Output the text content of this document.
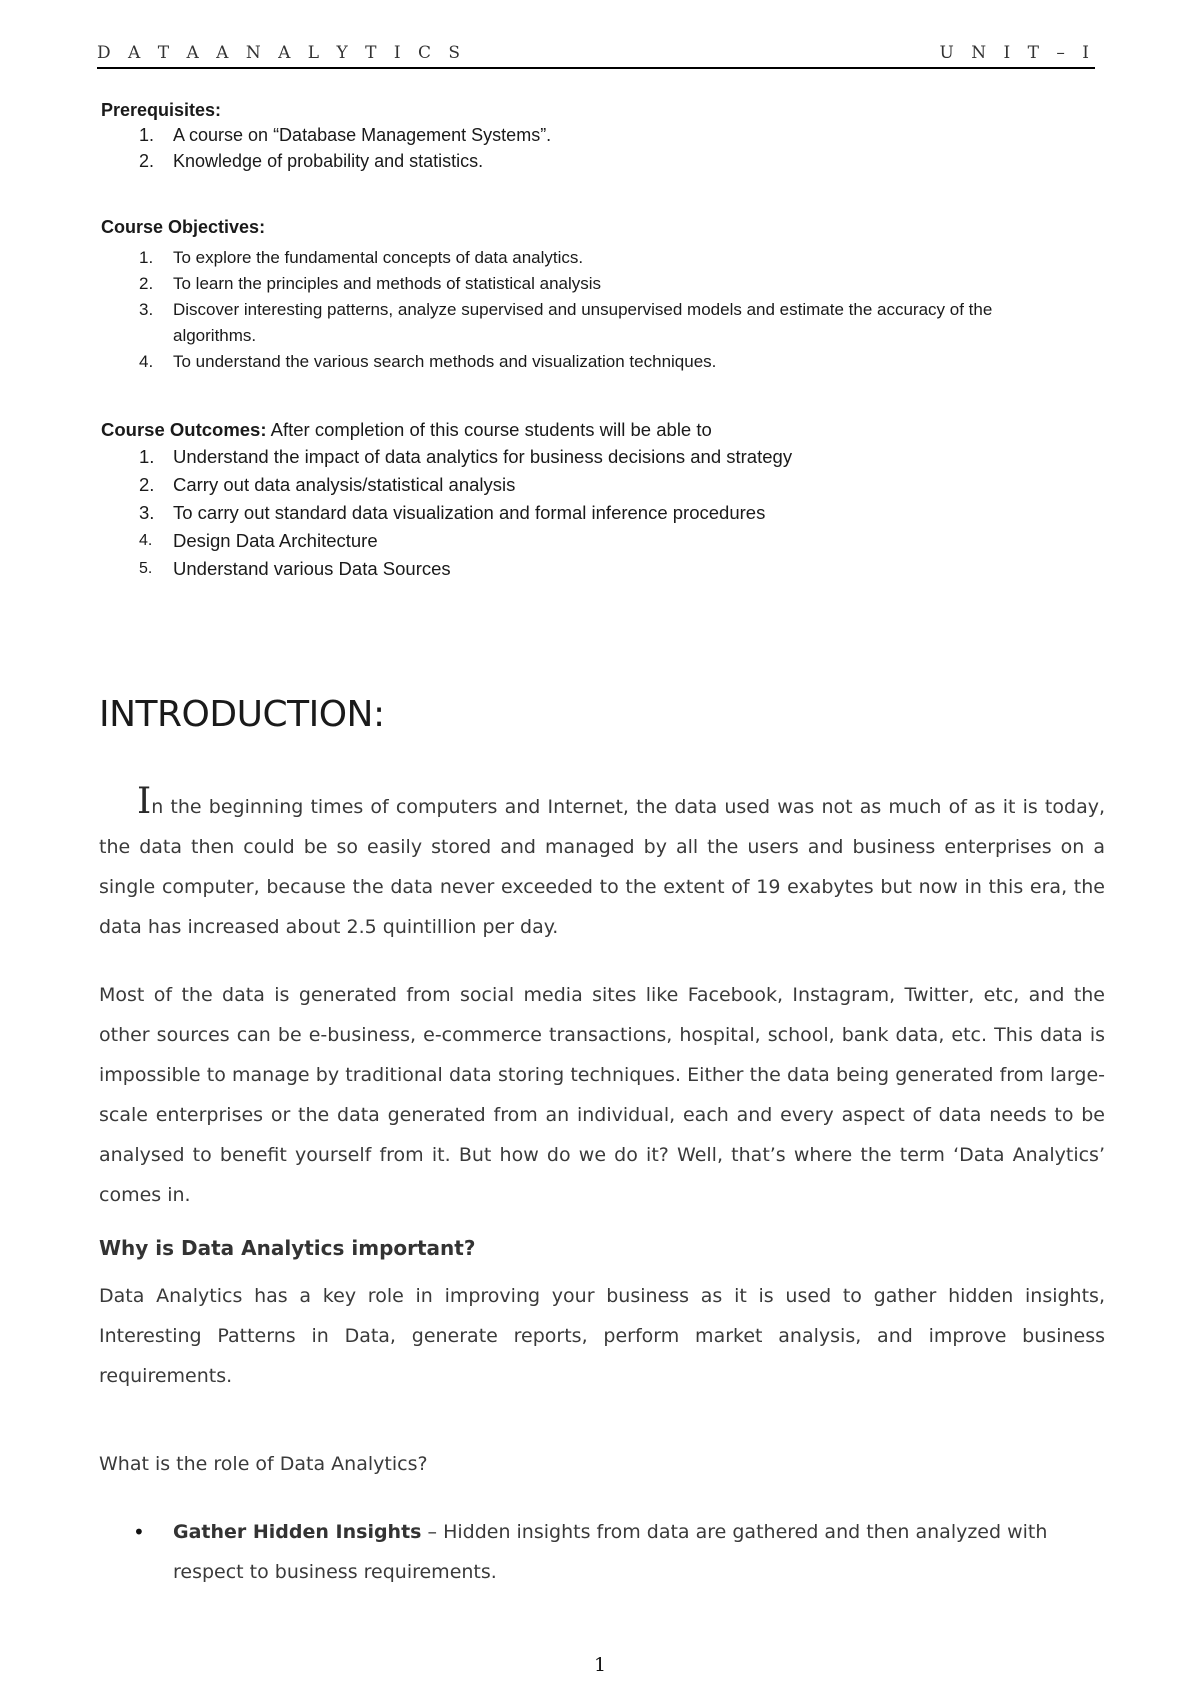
D A T A A N A L Y T I C S	U N I T – I

Prerequisites:

1. A course on “Database Management Systems”.
2. Knowledge of probability and statistics.

Course Objectives:

1. To explore the fundamental concepts of data analytics.
2. To learn the principles and methods of statistical analysis
3. Discover interesting patterns, analyze supervised and unsupervised models and estimate the accuracy of the
algorithms.
4. To understand the various search methods and visualization techniques.

Course Outcomes: After completion of this course students will be able to

1. Understand the impact of data analytics for business decisions and strategy
2. Carry out data analysis/statistical analysis
3. To carry out standard data visualization and formal inference procedures
4. Design Data Architecture
5. Understand various Data Sources
INTRODUCTION:

In the beginning times of computers and Internet, the data used was not as much of as it is today, the data then could be so easily stored and managed by all the users and business enterprises on a single computer, because the data never exceeded to the extent of 19 exabytes but now in this era, the data has increased about 2.5 quintillion per day.

Most of the data is generated from social media sites like Facebook, Instagram, Twitter, etc, and the other sources can be e-business, e-commerce transactions, hospital, school, bank data, etc. This data is impossible to manage by traditional data storing techniques. Either the data being generated from large-scale enterprises or the data generated from an individual, each and every aspect of data needs to be analysed to benefit yourself from it. But how do we do it? Well, that’s where the term ‘Data Analytics’ comes in.

Why is Data Analytics important?

Data Analytics has a key role in improving your business as it is used to gather hidden insights, Interesting Patterns in Data, generate reports, perform market analysis, and improve business requirements.

What is the role of Data Analytics?

• Gather Hidden Insights – Hidden insights from data are gathered and then analyzed with respect to business requirements.
1
